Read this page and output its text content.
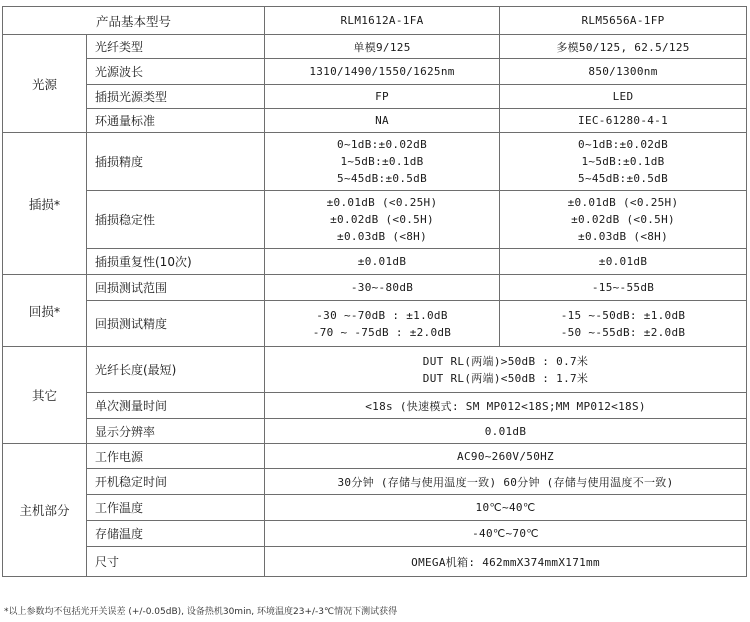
产品基本型号		RLM1612A-1FA	RLM5656A-1FP
光源	光纤类型	单模9/125	多模50/125, 62.5/125
	光源波长	1310/1490/1550/1625nm	850/1300nm
	插损光源类型	FP	LED
	环通量标准	NA	IEC-61280-4-1
插损*	插损精度	0~1dB:±0.02dB
1~5dB:±0.1dB
5~45dB:±0.5dB	0~1dB:±0.02dB
1~5dB:±0.1dB
5~45dB:±0.5dB

	插损稳定性	±0.01dB (<0.25H)
±0.02dB (<0.5H)
±0.03dB (<8H)	±0.01dB (<0.25H)
±0.02dB (<0.5H)
±0.03dB (<8H)

	插损重复性(10次)	±0.01dB	±0.01dB
回损*	回损测试范围	-30~-80dB	-15~-55dB
	回损测试精度	-30 ~-70dB : ±1.0dB
-70 ~ -75dB : ±2.0dB	-15 ~-50dB: ±1.0dB
-50 ~-55dB: ±2.0dB

其它	光纤长度(最短)	DUT RL(两端)>50dB : 0.7米
DUT RL(两端)<50dB : 1.7米	

	单次测量时间	<18s (快速模式: SM MP012<18S;MM MP012<18S)	
	显示分辨率	0.01dB	
主机部分	工作电源	AC90~260V/50HZ	
	开机稳定时间	30分钟 (存储与使用温度一致) 60分钟 (存储与使用温度不一致)	
	工作温度	10℃~40℃	
	存储温度	-40℃~70℃	
	尺寸	OMEGA机箱: 462mmX374mmX171mm	
*以上参数均不包括光开关误差 (+/-0.05dB), 设备热机30min, 环境温度23+/-3℃情况下测试获得
